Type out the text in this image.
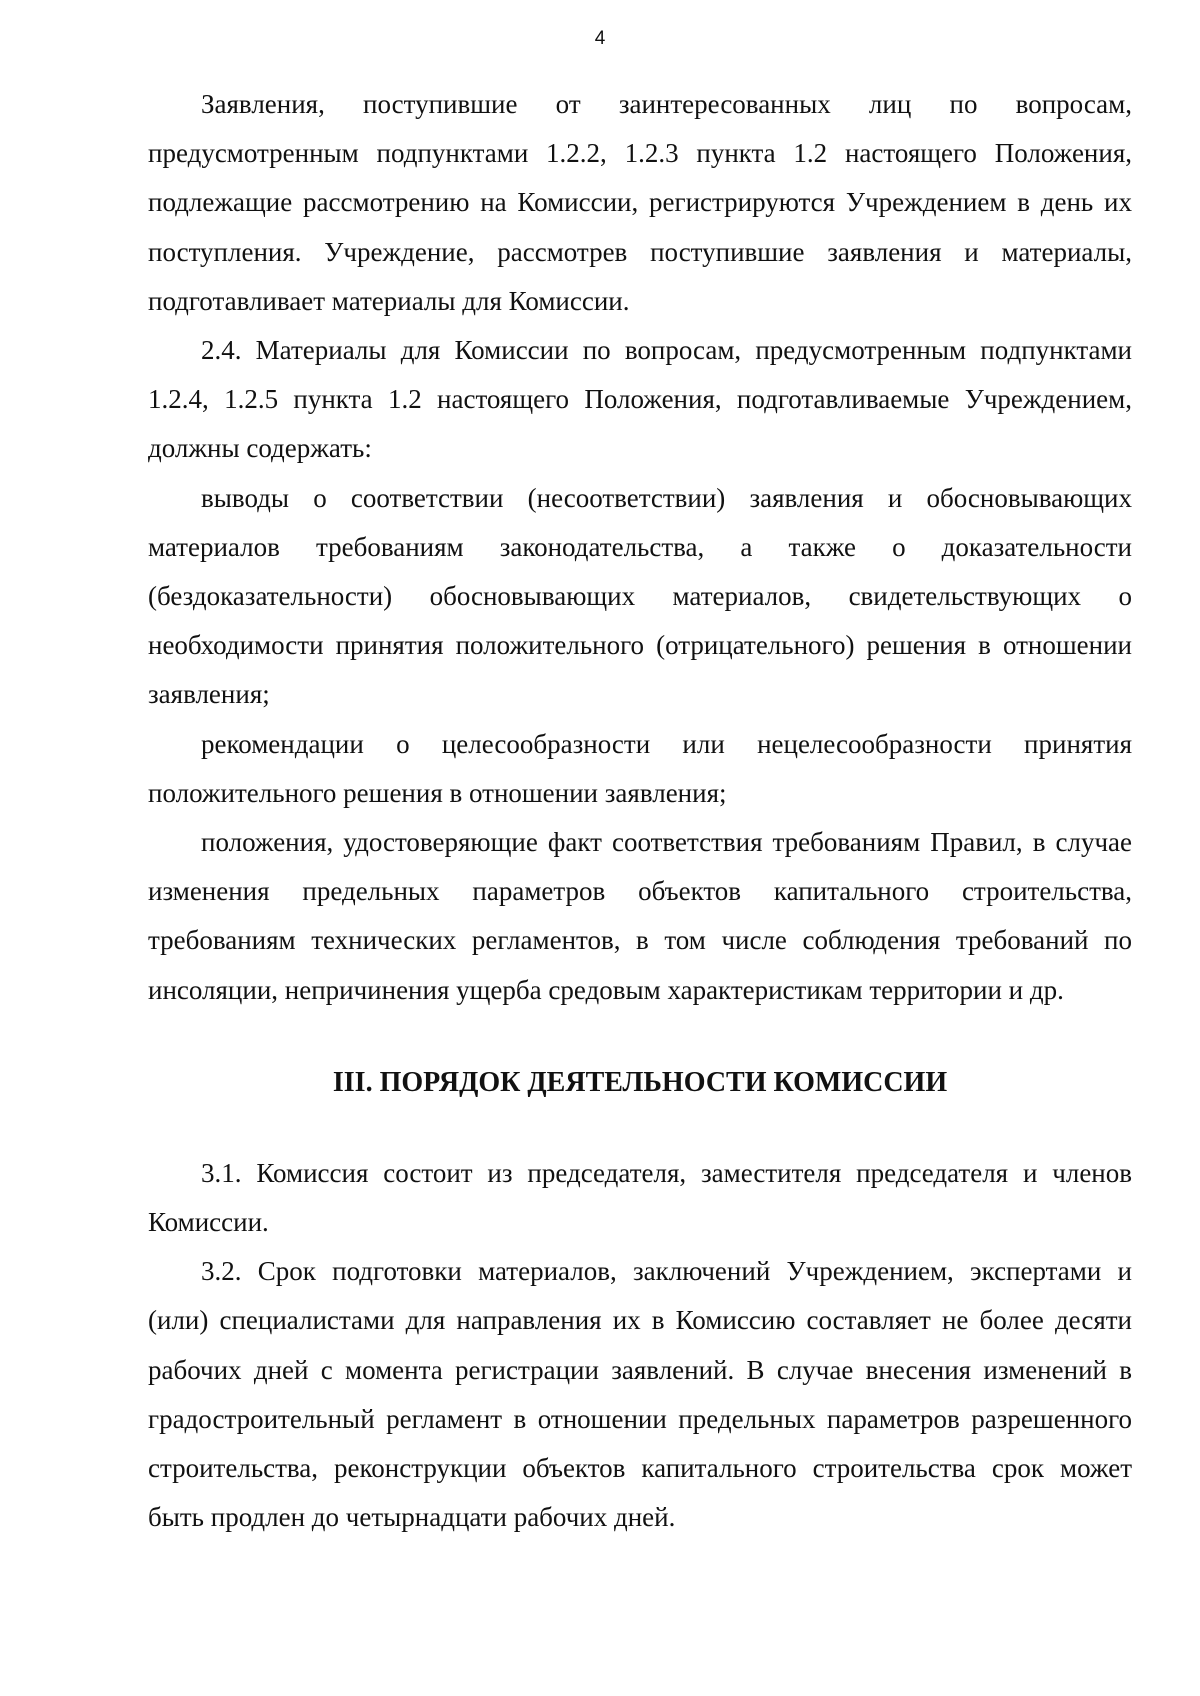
4

Заявления, поступившие от заинтересованных лиц по вопросам, предусмотренным подпунктами 1.2.2, 1.2.3 пункта 1.2 настоящего Положения, подлежащие рассмотрению на Комиссии, регистрируются Учреждением в день их поступления. Учреждение, рассмотрев поступившие заявления и материалы, подготавливает материалы для Комиссии.

2.4. Материалы для Комиссии по вопросам, предусмотренным подпунктами 1.2.4, 1.2.5 пункта 1.2 настоящего Положения, подготавливаемые Учреждением, должны содержать:

выводы о соответствии (несоответствии) заявления и обосновывающих материалов требованиям законодательства, а также о доказательности (бездоказательности) обосновывающих материалов, свидетельствующих о необходимости принятия положительного (отрицательного) решения в отношении заявления;

рекомендации о целесообразности или нецелесообразности принятия положительного решения в отношении заявления;

положения, удостоверяющие факт соответствия требованиям Правил, в случае изменения предельных параметров объектов капитального строительства, требованиям технических регламентов, в том числе соблюдения требований по инсоляции, непричинения ущерба средовым характеристикам территории и др.

III. ПОРЯДОК ДЕЯТЕЛЬНОСТИ КОМИССИИ

3.1. Комиссия состоит из председателя, заместителя председателя и членов Комиссии.

3.2. Срок подготовки материалов, заключений Учреждением, экспертами и (или) специалистами для направления их в Комиссию составляет не более десяти рабочих дней с момента регистрации заявлений. В случае внесения изменений в градостроительный регламент в отношении предельных параметров разрешенного строительства, реконструкции объектов капитального строительства срок может быть продлен до четырнадцати рабочих дней.
